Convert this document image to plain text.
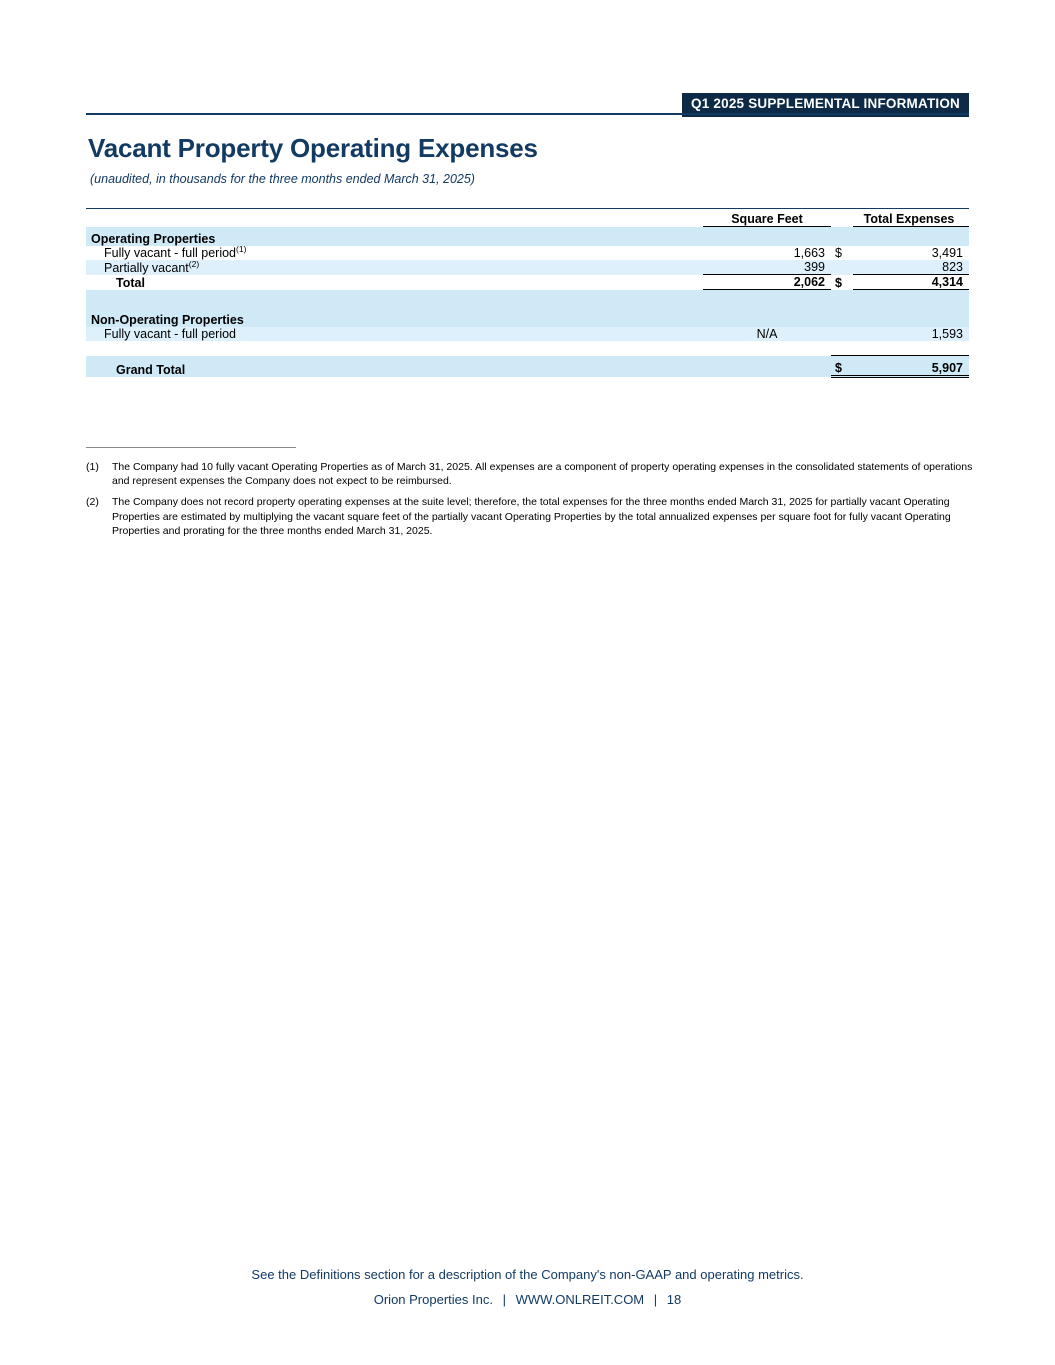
Q1 2025 SUPPLEMENTAL INFORMATION
Vacant Property Operating Expenses
(unaudited, in thousands for the three months ended March 31, 2025)

	Square Feet		Total Expenses
Operating Properties			
Fully vacant - full period$^{(1)}$	1,663	$	3,491
Partially vacant$^{(2)}$	399		823
Total	2,062	$	4,314

Non-Operating Properties			
Fully vacant - full period	N/A		1,593

Grand Total		$	5,907
(1)	The Company had 10 fully vacant Operating Properties as of March 31, 2025. All expenses are a component of property operating expenses in the consolidated statements of operations and represent expenses the Company does not expect to be reimbursed.
(2)	The Company does not record property operating expenses at the suite level; therefore, the total expenses for the three months ended March 31, 2025 for partially vacant Operating Properties are estimated by multiplying the vacant square feet of the partially vacant Operating Properties by the total annualized expenses per square foot for fully vacant Operating Properties and prorating for the three months ended March 31, 2025.
See the Definitions section for a description of the Company's non-GAAP and operating metrics.
Orion Properties Inc. | WWW.ONLREIT.COM | 18
